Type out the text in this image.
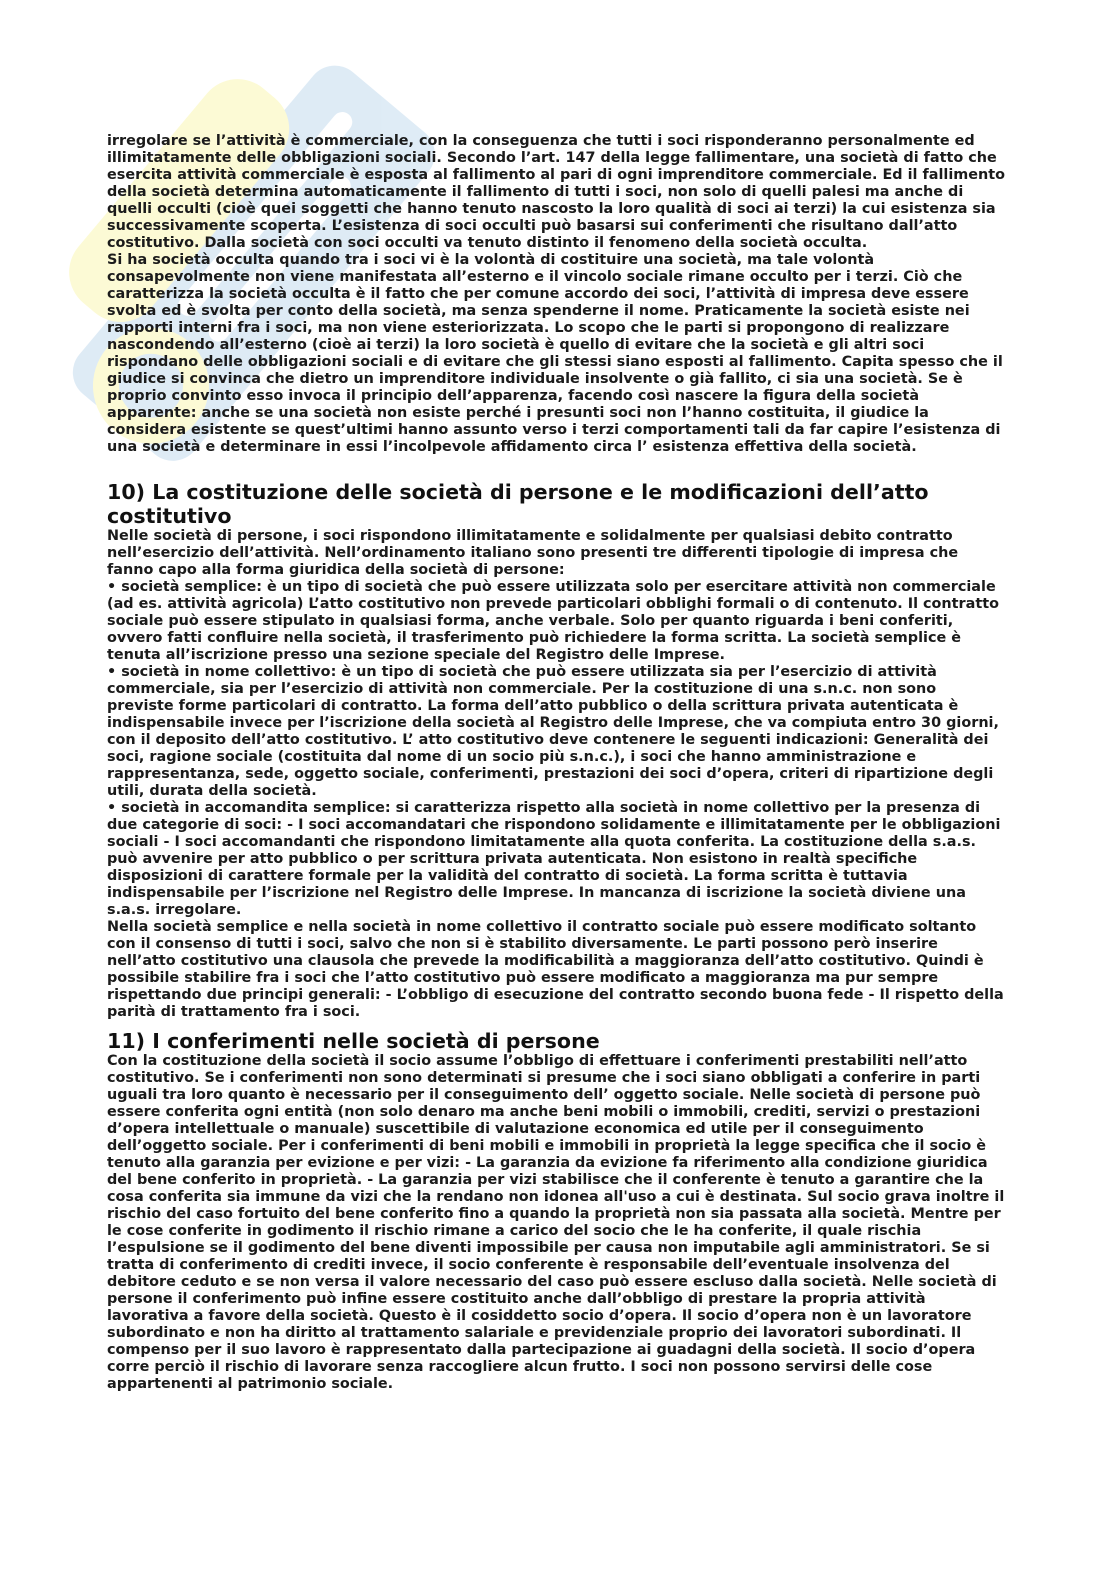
irregolare se l’attività è commerciale, con la conseguenza che tutti i soci risponderanno personalmente ed illimitatamente delle obbligazioni sociali. Secondo l’art. 147 della legge fallimentare, una società di fatto che esercita attività commerciale è esposta al fallimento al pari di ogni imprenditore commerciale. Ed il fallimento della società determina automaticamente il fallimento di tutti i soci, non solo di quelli palesi ma anche di quelli occulti (cioè quei soggetti che hanno tenuto nascosto la loro qualità di soci ai terzi) la cui esistenza sia successivamente scoperta. L’esistenza di soci occulti può basarsi sui conferimenti che risultano dall’atto costitutivo. Dalla società con soci occulti va tenuto distinto il fenomeno della società occulta.

Si ha società occulta quando tra i soci vi è la volontà di costituire una società, ma tale volontà consapevolmente non viene manifestata all’esterno e il vincolo sociale rimane occulto per i terzi. Ciò che caratterizza la società occulta è il fatto che per comune accordo dei soci, l’attività di impresa deve essere svolta ed è svolta per conto della società, ma senza spenderne il nome. Praticamente la società esiste nei rapporti interni fra i soci, ma non viene esteriorizzata. Lo scopo che le parti si propongono di realizzare nascondendo all’esterno (cioè ai terzi) la loro società è quello di evitare che la società e gli altri soci rispondano delle obbligazioni sociali e di evitare che gli stessi siano esposti al fallimento. Capita spesso che il giudice si convinca che dietro un imprenditore individuale insolvente o già fallito, ci sia una società. Se è proprio convinto esso invoca il principio dell’apparenza, facendo così nascere la figura della società apparente: anche se una società non esiste perché i presunti soci non l’hanno costituita, il giudice la considera esistente se quest’ultimi hanno assunto verso i terzi comportamenti tali da far capire l’esistenza di una società e determinare in essi l’incolpevole affidamento circa l’ esistenza effettiva della società.

10) La costituzione delle società di persone e le modificazioni dell’atto costitutivo

Nelle società di persone, i soci rispondono illimitatamente e solidalmente per qualsiasi debito contratto nell’esercizio dell’attività. Nell’ordinamento italiano sono presenti tre differenti tipologie di impresa che fanno capo alla forma giuridica della società di persone:

• società semplice: è un tipo di società che può essere utilizzata solo per esercitare attività non commerciale (ad es. attività agricola) L’atto costitutivo non prevede particolari obblighi formali o di contenuto. Il contratto sociale può essere stipulato in qualsiasi forma, anche verbale. Solo per quanto riguarda i beni conferiti, ovvero fatti confluire nella società, il trasferimento può richiedere la forma scritta. La società semplice è tenuta all’iscrizione presso una sezione speciale del Registro delle Imprese.

• società in nome collettivo: è un tipo di società che può essere utilizzata sia per l’esercizio di attività commerciale, sia per l’esercizio di attività non commerciale. Per la costituzione di una s.n.c. non sono previste forme particolari di contratto. La forma dell’atto pubblico o della scrittura privata autenticata è indispensabile invece per l’iscrizione della società al Registro delle Imprese, che va compiuta entro 30 giorni, con il deposito dell’atto costitutivo. L’ atto costitutivo deve contenere le seguenti indicazioni: Generalità dei soci, ragione sociale (costituita dal nome di un socio più s.n.c.), i soci che hanno amministrazione e rappresentanza, sede, oggetto sociale, conferimenti, prestazioni dei soci d’opera, criteri di ripartizione degli utili, durata della società.

• società in accomandita semplice: si caratterizza rispetto alla società in nome collettivo per la presenza di due categorie di soci: - I soci accomandatari che rispondono solidamente e illimitatamente per le obbligazioni sociali - I soci accomandanti che rispondono limitatamente alla quota conferita. La costituzione della s.a.s. può avvenire per atto pubblico o per scrittura privata autenticata. Non esistono in realtà specifiche disposizioni di carattere formale per la validità del contratto di società. La forma scritta è tuttavia indispensabile per l’iscrizione nel Registro delle Imprese. In mancanza di iscrizione la società diviene una s.a.s. irregolare.

Nella società semplice e nella società in nome collettivo il contratto sociale può essere modificato soltanto con il consenso di tutti i soci, salvo che non si è stabilito diversamente. Le parti possono però inserire nell’atto costitutivo una clausola che prevede la modificabilità a maggioranza dell’atto costitutivo. Quindi è possibile stabilire fra i soci che l’atto costitutivo può essere modificato a maggioranza ma pur sempre rispettando due principi generali: - L’obbligo di esecuzione del contratto secondo buona fede - Il rispetto della parità di trattamento fra i soci.

11) I conferimenti nelle società di persone

Con la costituzione della società il socio assume l’obbligo di effettuare i conferimenti prestabiliti nell’atto costitutivo. Se i conferimenti non sono determinati si presume che i soci siano obbligati a conferire in parti uguali tra loro quanto è necessario per il conseguimento dell’ oggetto sociale. Nelle società di persone può essere conferita ogni entità (non solo denaro ma anche beni mobili o immobili, crediti, servizi o prestazioni d’opera intellettuale o manuale) suscettibile di valutazione economica ed utile per il conseguimento dell’oggetto sociale. Per i conferimenti di beni mobili e immobili in proprietà la legge specifica che il socio è tenuto alla garanzia per evizione e per vizi: - La garanzia da evizione fa riferimento alla condizione giuridica del bene conferito in proprietà. - La garanzia per vizi stabilisce che il conferente è tenuto a garantire che la cosa conferita sia immune da vizi che la rendano non idonea all'uso a cui è destinata. Sul socio grava inoltre il rischio del caso fortuito del bene conferito fino a quando la proprietà non sia passata alla società. Mentre per le cose conferite in godimento il rischio rimane a carico del socio che le ha conferite, il quale rischia l’espulsione se il godimento del bene diventi impossibile per causa non imputabile agli amministratori. Se si tratta di conferimento di crediti invece, il socio conferente è responsabile dell’eventuale insolvenza del debitore ceduto e se non versa il valore necessario del caso può essere escluso dalla società. Nelle società di persone il conferimento può infine essere costituito anche dall’obbligo di prestare la propria attività lavorativa a favore della società. Questo è il cosiddetto socio d’opera. Il socio d’opera non è un lavoratore subordinato e non ha diritto al trattamento salariale e previdenziale proprio dei lavoratori subordinati. Il compenso per il suo lavoro è rappresentato dalla partecipazione ai guadagni della società. Il socio d’opera corre perciò il rischio di lavorare senza raccogliere alcun frutto. I soci non possono servirsi delle cose appartenenti al patrimonio sociale.
